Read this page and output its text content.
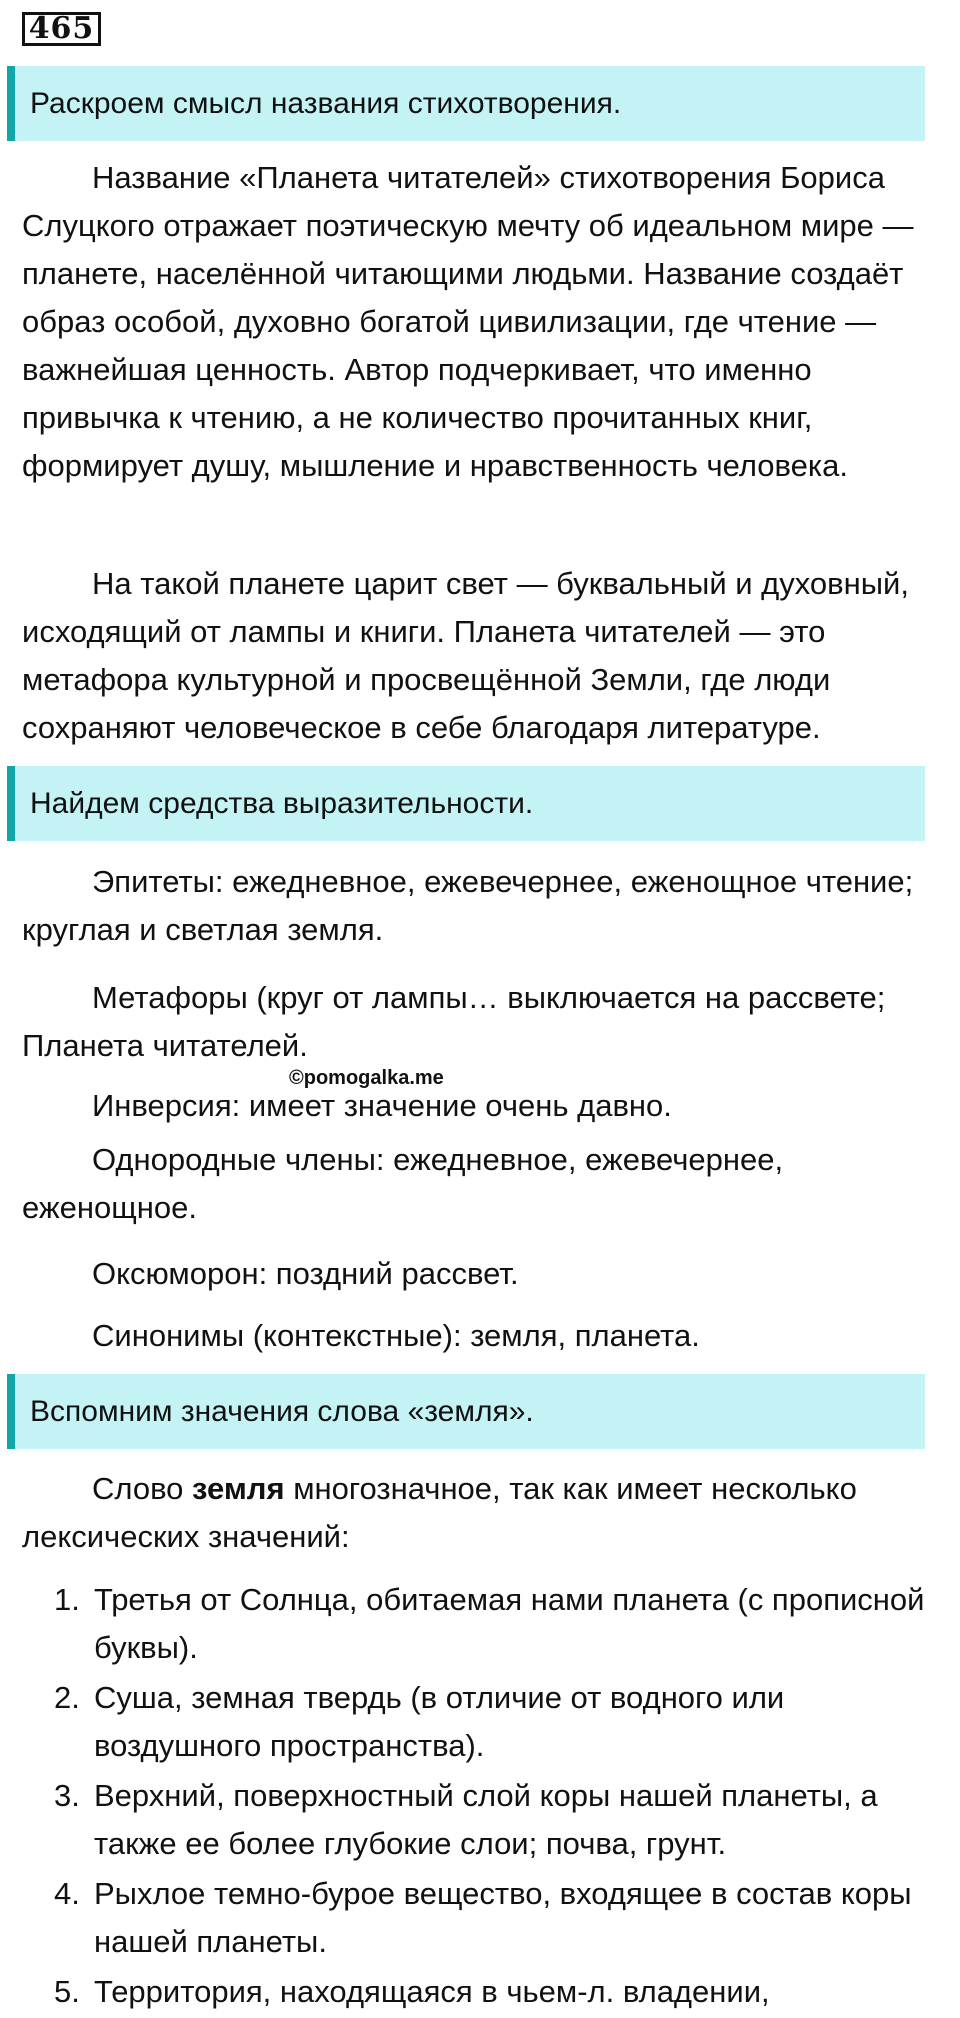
465
Раскроем смысл названия стихотворения.

Название «Планета читателей» стихотворения Бориса Слуцкого отражает поэтическую мечту об идеальном мире — планете, населённой читающими людьми. Название создаёт образ особой, духовно богатой цивилизации, где чтение — важнейшая ценность. Автор подчеркивает, что именно привычка к чтению, а не количество прочитанных книг, формирует душу, мышление и нравственность человека.

На такой планете царит свет — буквальный и духовный, исходящий от лампы и книги. Планета читателей — это метафора культурной и просвещённой Земли, где люди сохраняют человеческое в себе благодаря литературе.

Найдем средства выразительности.

Эпитеты: ежедневное, ежевечернее, еженощное чтение; круглая и светлая земля.

Метафоры (круг от лампы… выключается на рассвете; Планета читателей.

©pomogalka.me

Инверсия: имеет значение очень давно.

Однородные члены: ежедневное, ежевечернее, еженощное.

Оксюморон: поздний рассвет.

Синонимы (контекстные): земля, планета.

Вспомним значения слова «земля».

Слово земля многозначное, так как имеет несколько лексических значений:

1. Третья от Солнца, обитаемая нами планета (с прописной буквы).
2. Суша, земная твердь (в отличие от водного или воздушного пространства).
3. Верхний, поверхностный слой коры нашей планеты, а также ее более глубокие слои; почва, грунт.
4. Рыхлое темно-бурое вещество, входящее в состав коры нашей планеты.
5. Территория, находящаяся в чьем-л. владении,
